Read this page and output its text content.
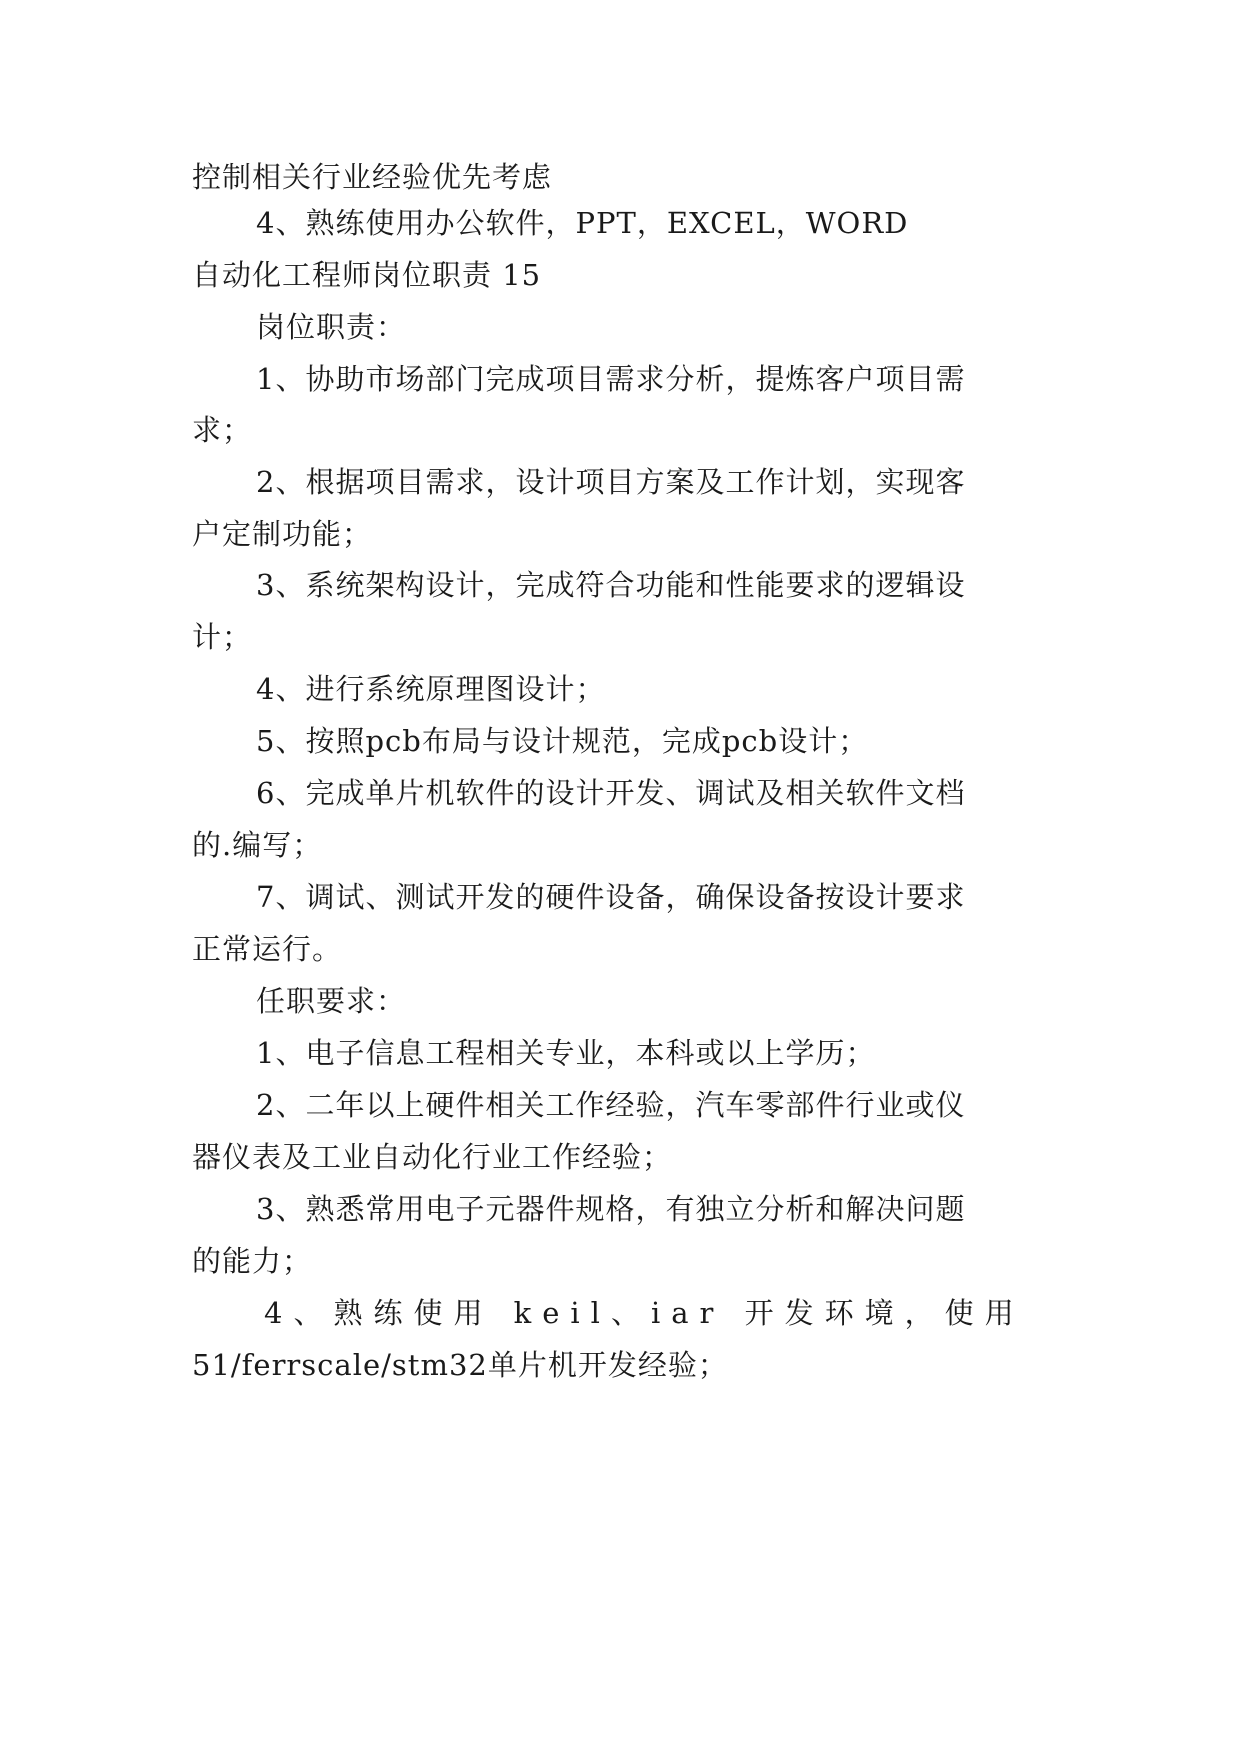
控制相关行业经验优先考虑
4、熟练使用办公软件，PPT，EXCEL，WORD
自动化工程师岗位职责 15
岗位职责：
1、协助市场部门完成项目需求分析，提炼客户项目需
求；
2、根据项目需求，设计项目方案及工作计划，实现客
户定制功能；
3、系统架构设计，完成符合功能和性能要求的逻辑设
计；
4、进行系统原理图设计；
5、按照pcb布局与设计规范，完成pcb设计；
6、完成单片机软件的设计开发、调试及相关软件文档
的.编写；
7、调试、测试开发的硬件设备，确保设备按设计要求
正常运行。
任职要求：
1、电子信息工程相关专业，本科或以上学历；
2、二年以上硬件相关工作经验，汽车零部件行业或仪
器仪表及工业自动化行业工作经验；
3、熟悉常用电子元器件规格，有独立分析和解决问题
的能力；
4、熟练使用 keil、iar 开发环境，使用
51/ferrscale/stm32单片机开发经验；
